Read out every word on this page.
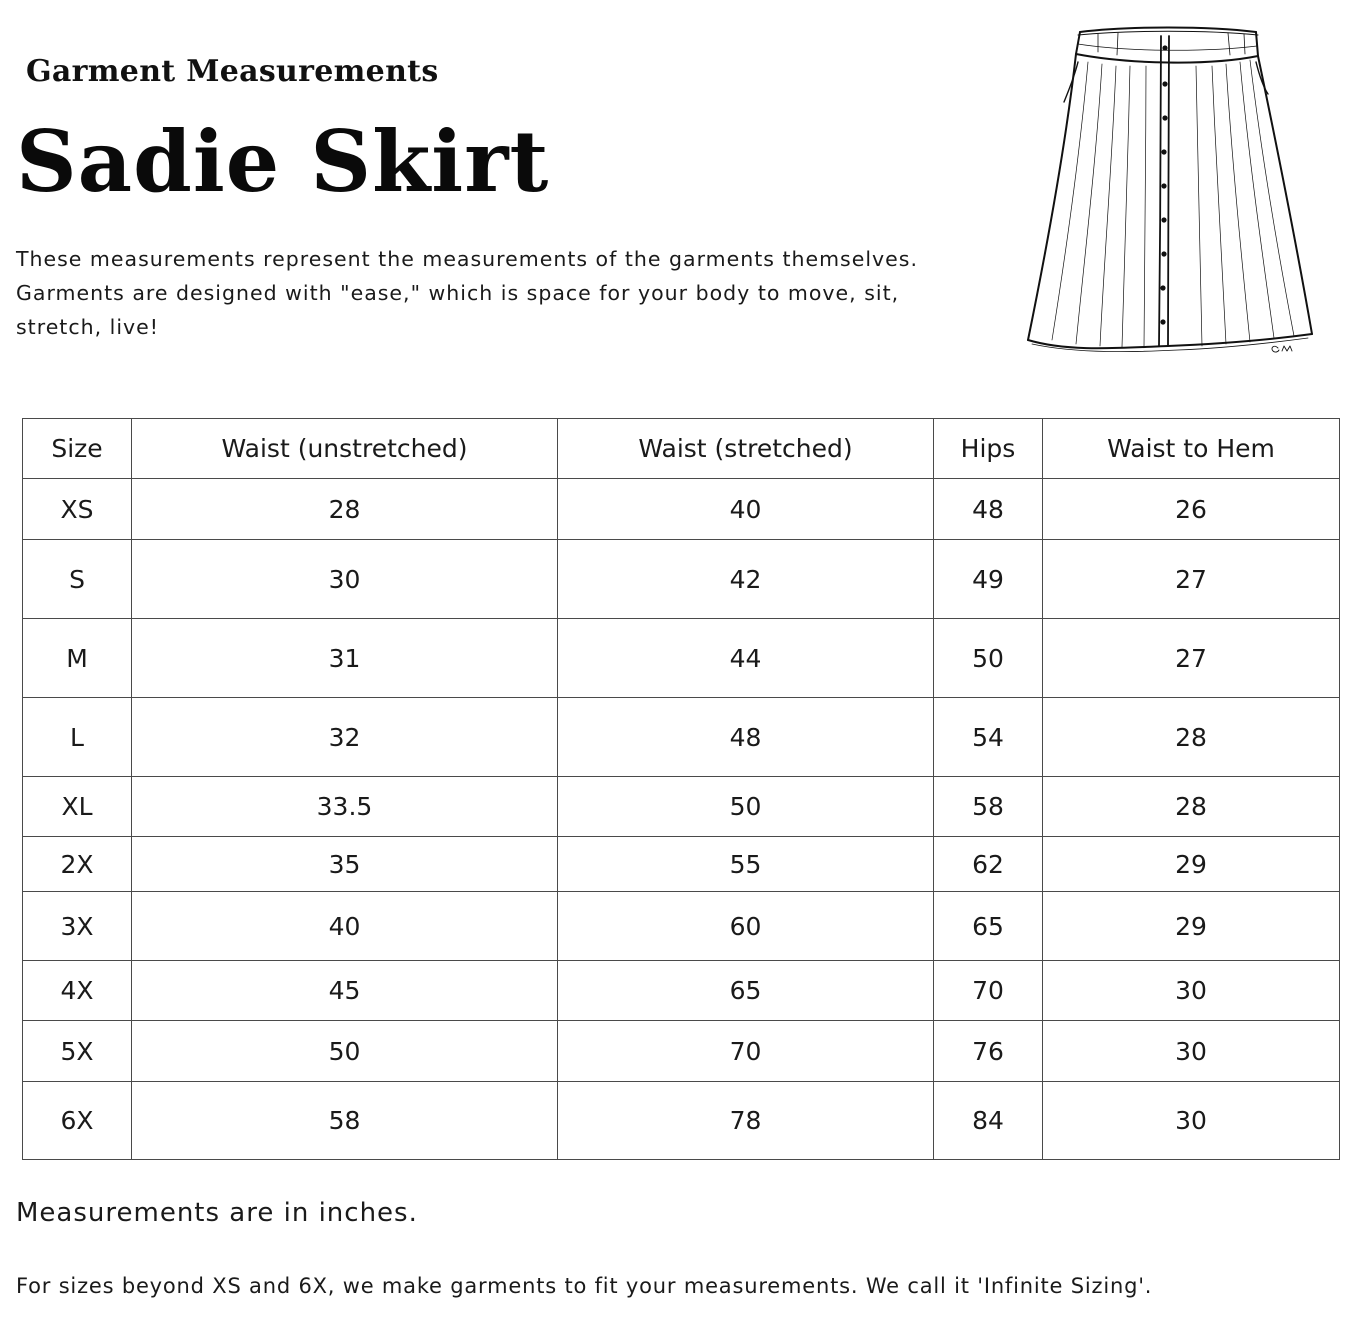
Garment Measurements
Sadie Skirt

These measurements represent the measurements of the garments themselves. Garments are designed with "ease," which is space for your body to move, sit, stretch, live!

Size	Waist (unstretched)	Waist (stretched)	Hips	Waist to Hem
XS	28	40	48	26
S	30	42	49	27
M	31	44	50	27
L	32	48	54	28
XL	33.5	50	58	28
2X	35	55	62	29
3X	40	60	65	29
4X	45	65	70	30
5X	50	70	76	30
6X	58	78	84	30

Measurements are in inches.

For sizes beyond XS and 6X, we make garments to fit your measurements. We call it 'Infinite Sizing'.
